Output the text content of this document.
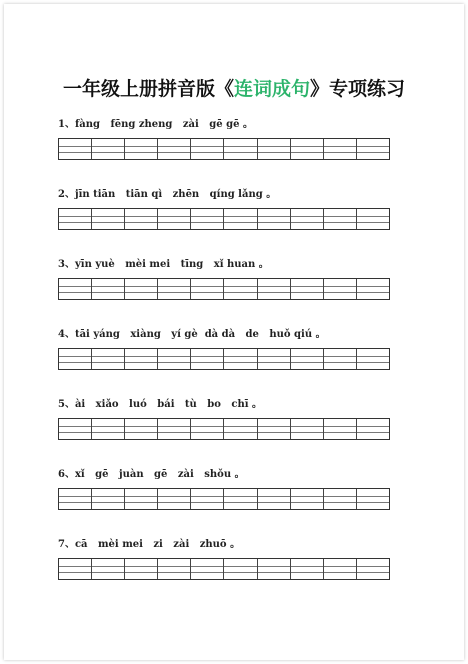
一年级上册拼音版《连词成句》专项练习
1、fàng   fēng zheng   zài   gē gē 。
2、jīn tiān   tiān qì   zhēn   qíng lǎng 。
3、yīn yuè   mèi mei   tīng   xǐ huan 。
4、tāi yáng   xiàng   yí gè  dà dà   de   huǒ qiú 。
5、ài   xiǎo   luó   bái   tù   bo   chī 。
6、xǐ   gē   juàn   gē   zài   shǒu 。
7、cā   mèi mei   zi   zài   zhuō 。
